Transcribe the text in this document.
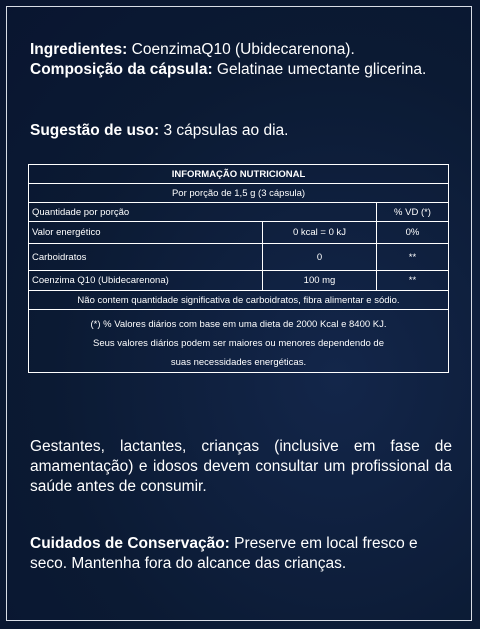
Ingredientes: CoenzimaQ10 (Ubidecarenona).
Composição da cápsula: Gelatinae umectante glicerina.
Sugestão de uso: 3 cápsulas ao dia.
INFORMAÇÃO NUTRICIONAL
Por porção de 1,5 g (3 cápsula)
Quantidade por porção	% VD (*)
Valor energético	0 kcal = 0 kJ	0%
Carboidratos	0	**
Coenzima Q10 (Ubidecarenona)	100 mg	**
Não contem quantidade significativa de carboidratos, fibra alimentar e sódio.
(*) % Valores diários com base em uma dieta de 2000 Kcal e 8400 KJ.
Seus valores diários podem ser maiores ou menores dependendo de
suas necessidades energéticas.
Gestantes, lactantes, crianças (inclusive em fase de amamentação) e idosos devem consultar um profissional da saúde antes de consumir.
Cuidados de Conservação: Preserve em local fresco e seco. Mantenha fora do alcance das crianças.
